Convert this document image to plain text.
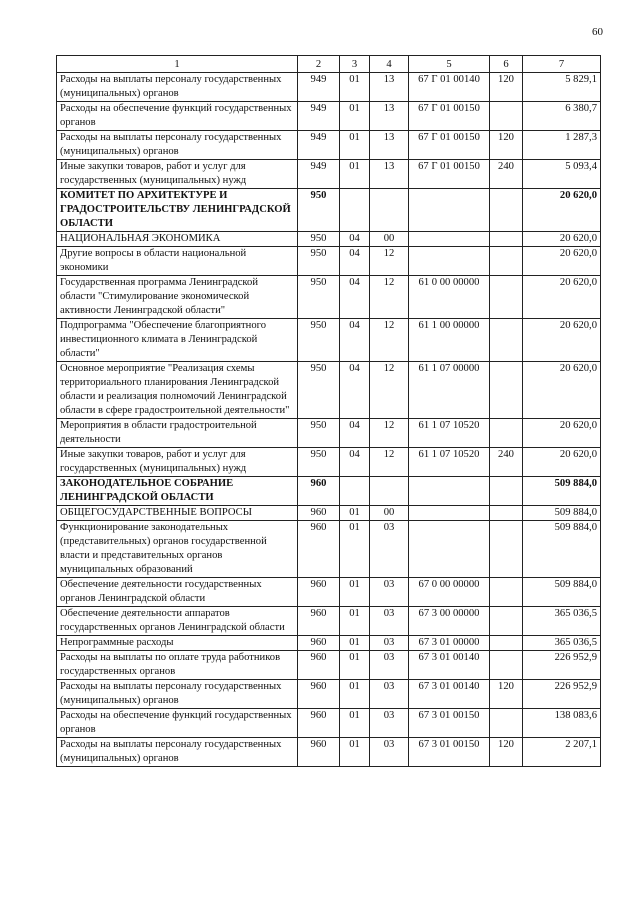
60
1	2	3	4	5	6	7
Расходы на выплаты персоналу государственных (муниципальных) органов	949	01	13	67 Г 01 00140	120	5 829,1
Расходы на обеспечение функций государственных органов	949	01	13	67 Г 01 00150		6 380,7
Расходы на выплаты персоналу государственных (муниципальных) органов	949	01	13	67 Г 01 00150	120	1 287,3
Иные закупки товаров, работ и услуг для государственных (муниципальных) нужд	949	01	13	67 Г 01 00150	240	5 093,4
КОМИТЕТ ПО АРХИТЕКТУРЕ И ГРАДОСТРОИТЕЛЬСТВУ ЛЕНИНГРАДСКОЙ ОБЛАСТИ	950					20 620,0
НАЦИОНАЛЬНАЯ ЭКОНОМИКА	950	04	00			20 620,0
Другие вопросы в области национальной экономики	950	04	12			20 620,0
Государственная программа Ленинградской области "Стимулирование экономической активности Ленинградской области"	950	04	12	61 0 00 00000		20 620,0
Подпрограмма "Обеспечение благоприятного инвестиционного климата в Ленинградской области"	950	04	12	61 1 00 00000		20 620,0
Основное мероприятие "Реализация схемы территориального планирования Ленинградской области и реализация полномочий Ленинградской области в сфере градостроительной деятельности"	950	04	12	61 1 07 00000		20 620,0
Мероприятия в области градостроительной деятельности	950	04	12	61 1 07 10520		20 620,0
Иные закупки товаров, работ и услуг для государственных (муниципальных) нужд	950	04	12	61 1 07 10520	240	20 620,0
ЗАКОНОДАТЕЛЬНОЕ СОБРАНИЕ ЛЕНИНГРАДСКОЙ ОБЛАСТИ	960					509 884,0
ОБЩЕГОСУДАРСТВЕННЫЕ ВОПРОСЫ	960	01	00			509 884,0
Функционирование законодательных (представительных) органов государственной власти и представительных органов муниципальных образований	960	01	03			509 884,0
Обеспечение деятельности государственных органов Ленинградской области	960	01	03	67 0 00 00000		509 884,0
Обеспечение деятельности аппаратов государственных органов Ленинградской области	960	01	03	67 3 00 00000		365 036,5
Непрограммные расходы	960	01	03	67 3 01 00000		365 036,5
Расходы на выплаты по оплате труда работников государственных органов	960	01	03	67 3 01 00140		226 952,9
Расходы на выплаты персоналу государственных (муниципальных) органов	960	01	03	67 3 01 00140	120	226 952,9
Расходы на обеспечение функций государственных органов	960	01	03	67 3 01 00150		138 083,6
Расходы на выплаты персоналу государственных (муниципальных) органов	960	01	03	67 3 01 00150	120	2 207,1
